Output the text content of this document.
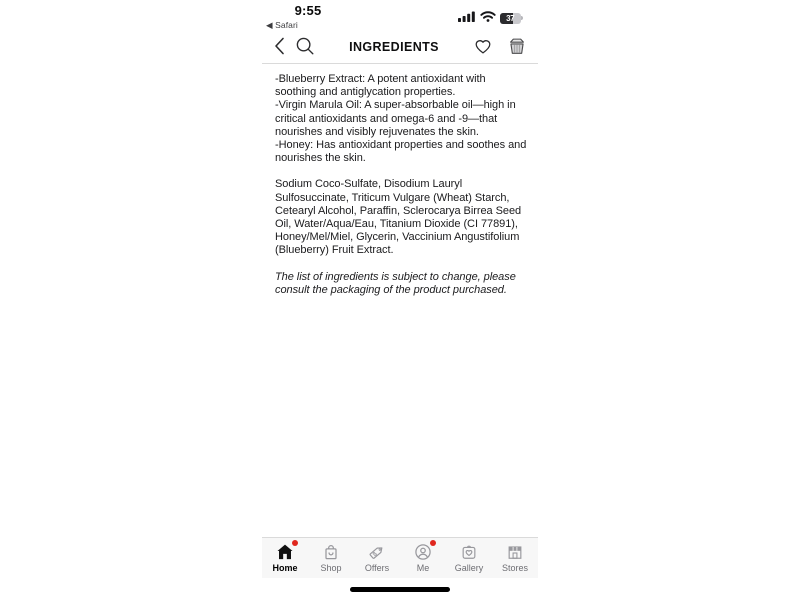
9:55
◀ Safari
37
INGREDIENTS
-Blueberry Extract: A potent antioxidant with soothing and antiglycation properties.
-Virgin Marula Oil: A super-absorbable oil—high in critical antioxidants and omega-6 and -9—that nourishes and visibly rejuvenates the skin.
-Honey: Has antioxidant properties and soothes and nourishes the skin.

Sodium Coco-Sulfate, Disodium Lauryl Sulfosuccinate, Triticum Vulgare (Wheat) Starch, Cetearyl Alcohol, Paraffin, Sclerocarya Birrea Seed Oil, Water/Aqua/Eau, Titanium Dioxide (CI 77891), Honey/Mel/Miel, Glycerin, Vaccinium Angustifolium (Blueberry) Fruit Extract.

The list of ingredients is subject to change, please consult the packaging of the product purchased.

Home	Shop
$
Offers	Me	Gallery Stores
